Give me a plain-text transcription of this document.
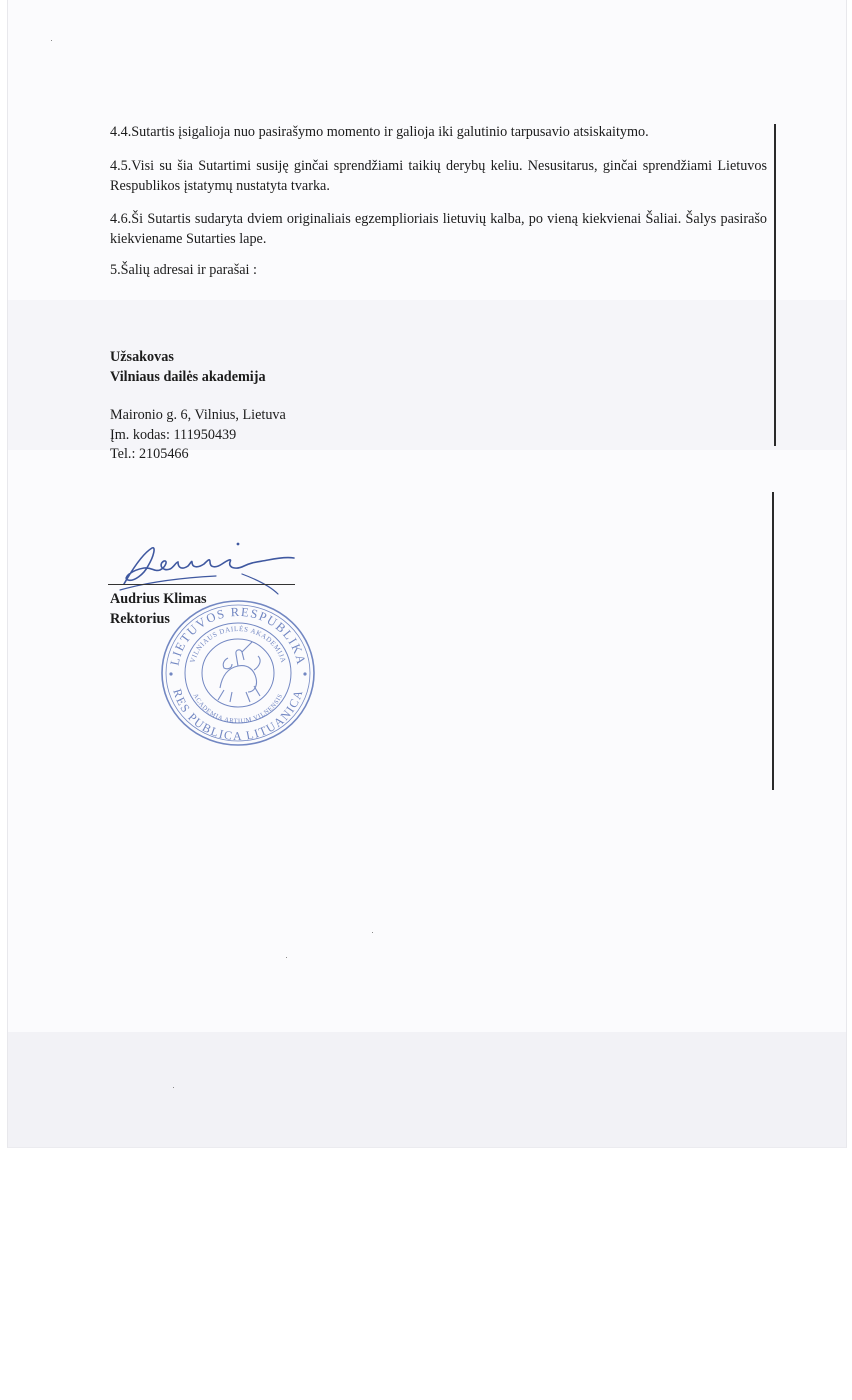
4.4.Sutartis įsigalioja nuo pasirašymo momento ir galioja iki galutinio tarpusavio atsiskaitymo.

4.5.Visi su šia Sutartimi susiję ginčai sprendžiami taikių derybų keliu. Nesusitarus, ginčai sprendžiami Lietuvos Respublikos įstatymų nustatyta tvarka.

4.6.Ši Sutartis sudaryta dviem originaliais egzemplioriais lietuvių kalba, po vieną kiekvienai Šaliai. Šalys pasirašo kiekviename Sutarties lape.

5.Šalių adresai ir parašai :
Užsakovas
Vilniaus dailės akademija
Maironio g. 6, Vilnius, Lietuva
Įm. kodas: 111950439
Tel.: 2105466
Audrius Klimas
Rektorius
LIETUVOS RESPUBLIKA
RES PUBLICA LITUANICA
VILNIAUS DAILĖS AKADEMIJA
ACADEMIA ARTIUM VILNENSIS
